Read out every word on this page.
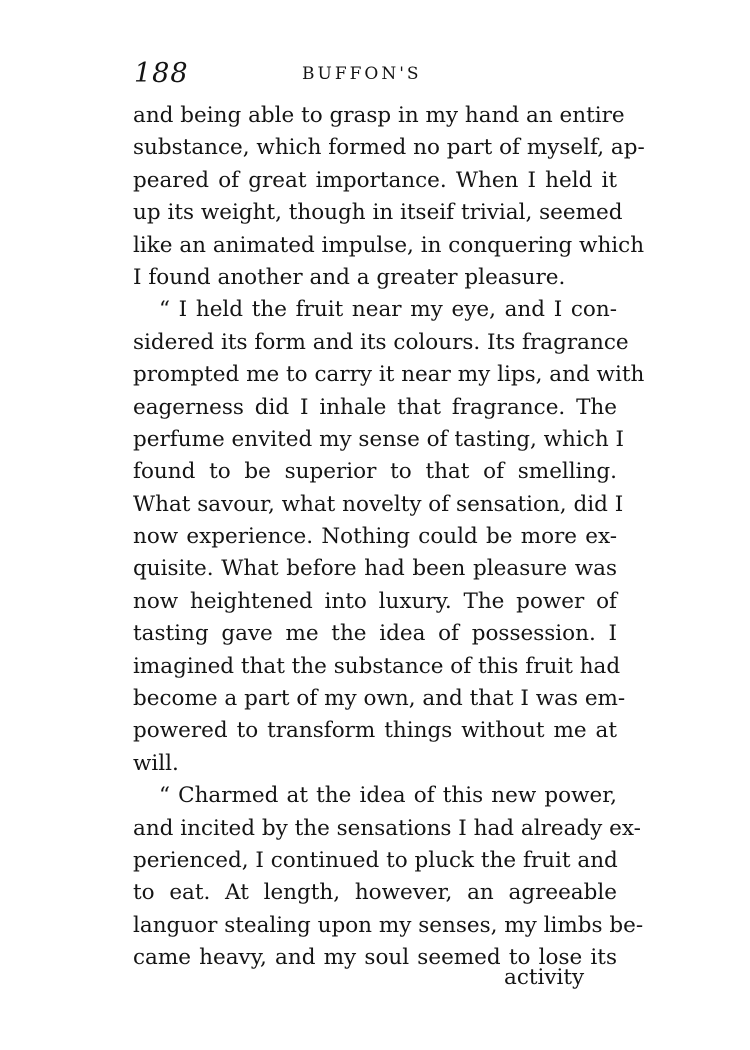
188	BUFFON'S
and being able to grasp in my hand an entire
substance, which formed no part of myself, ap-
peared of great importance. When I held it
up its weight, though in itseif trivial, seemed
like an animated impulse, in conquering which
I found another and a greater pleasure.
“ I held the fruit near my eye, and I con-
sidered its form and its colours. Its fragrance
prompted me to carry it near my lips, and with
eagerness did I inhale that fragrance. The
perfume envited my sense of tasting, which I
found to be superior to that of smelling.
What savour, what novelty of sensation, did I
now experience. Nothing could be more ex-
quisite. What before had been pleasure was
now heightened into luxury. The power of
tasting gave me the idea of possession. I
imagined that the substance of this fruit had
become a part of my own, and that I was em-
powered to transform things without me at
will.
“ Charmed at the idea of this new power,
and incited by the sensations I had already ex-
perienced, I continued to pluck the fruit and
to eat. At length, however, an agreeable
languor stealing upon my senses, my limbs be-
came heavy, and my soul seemed to lose its
activity
